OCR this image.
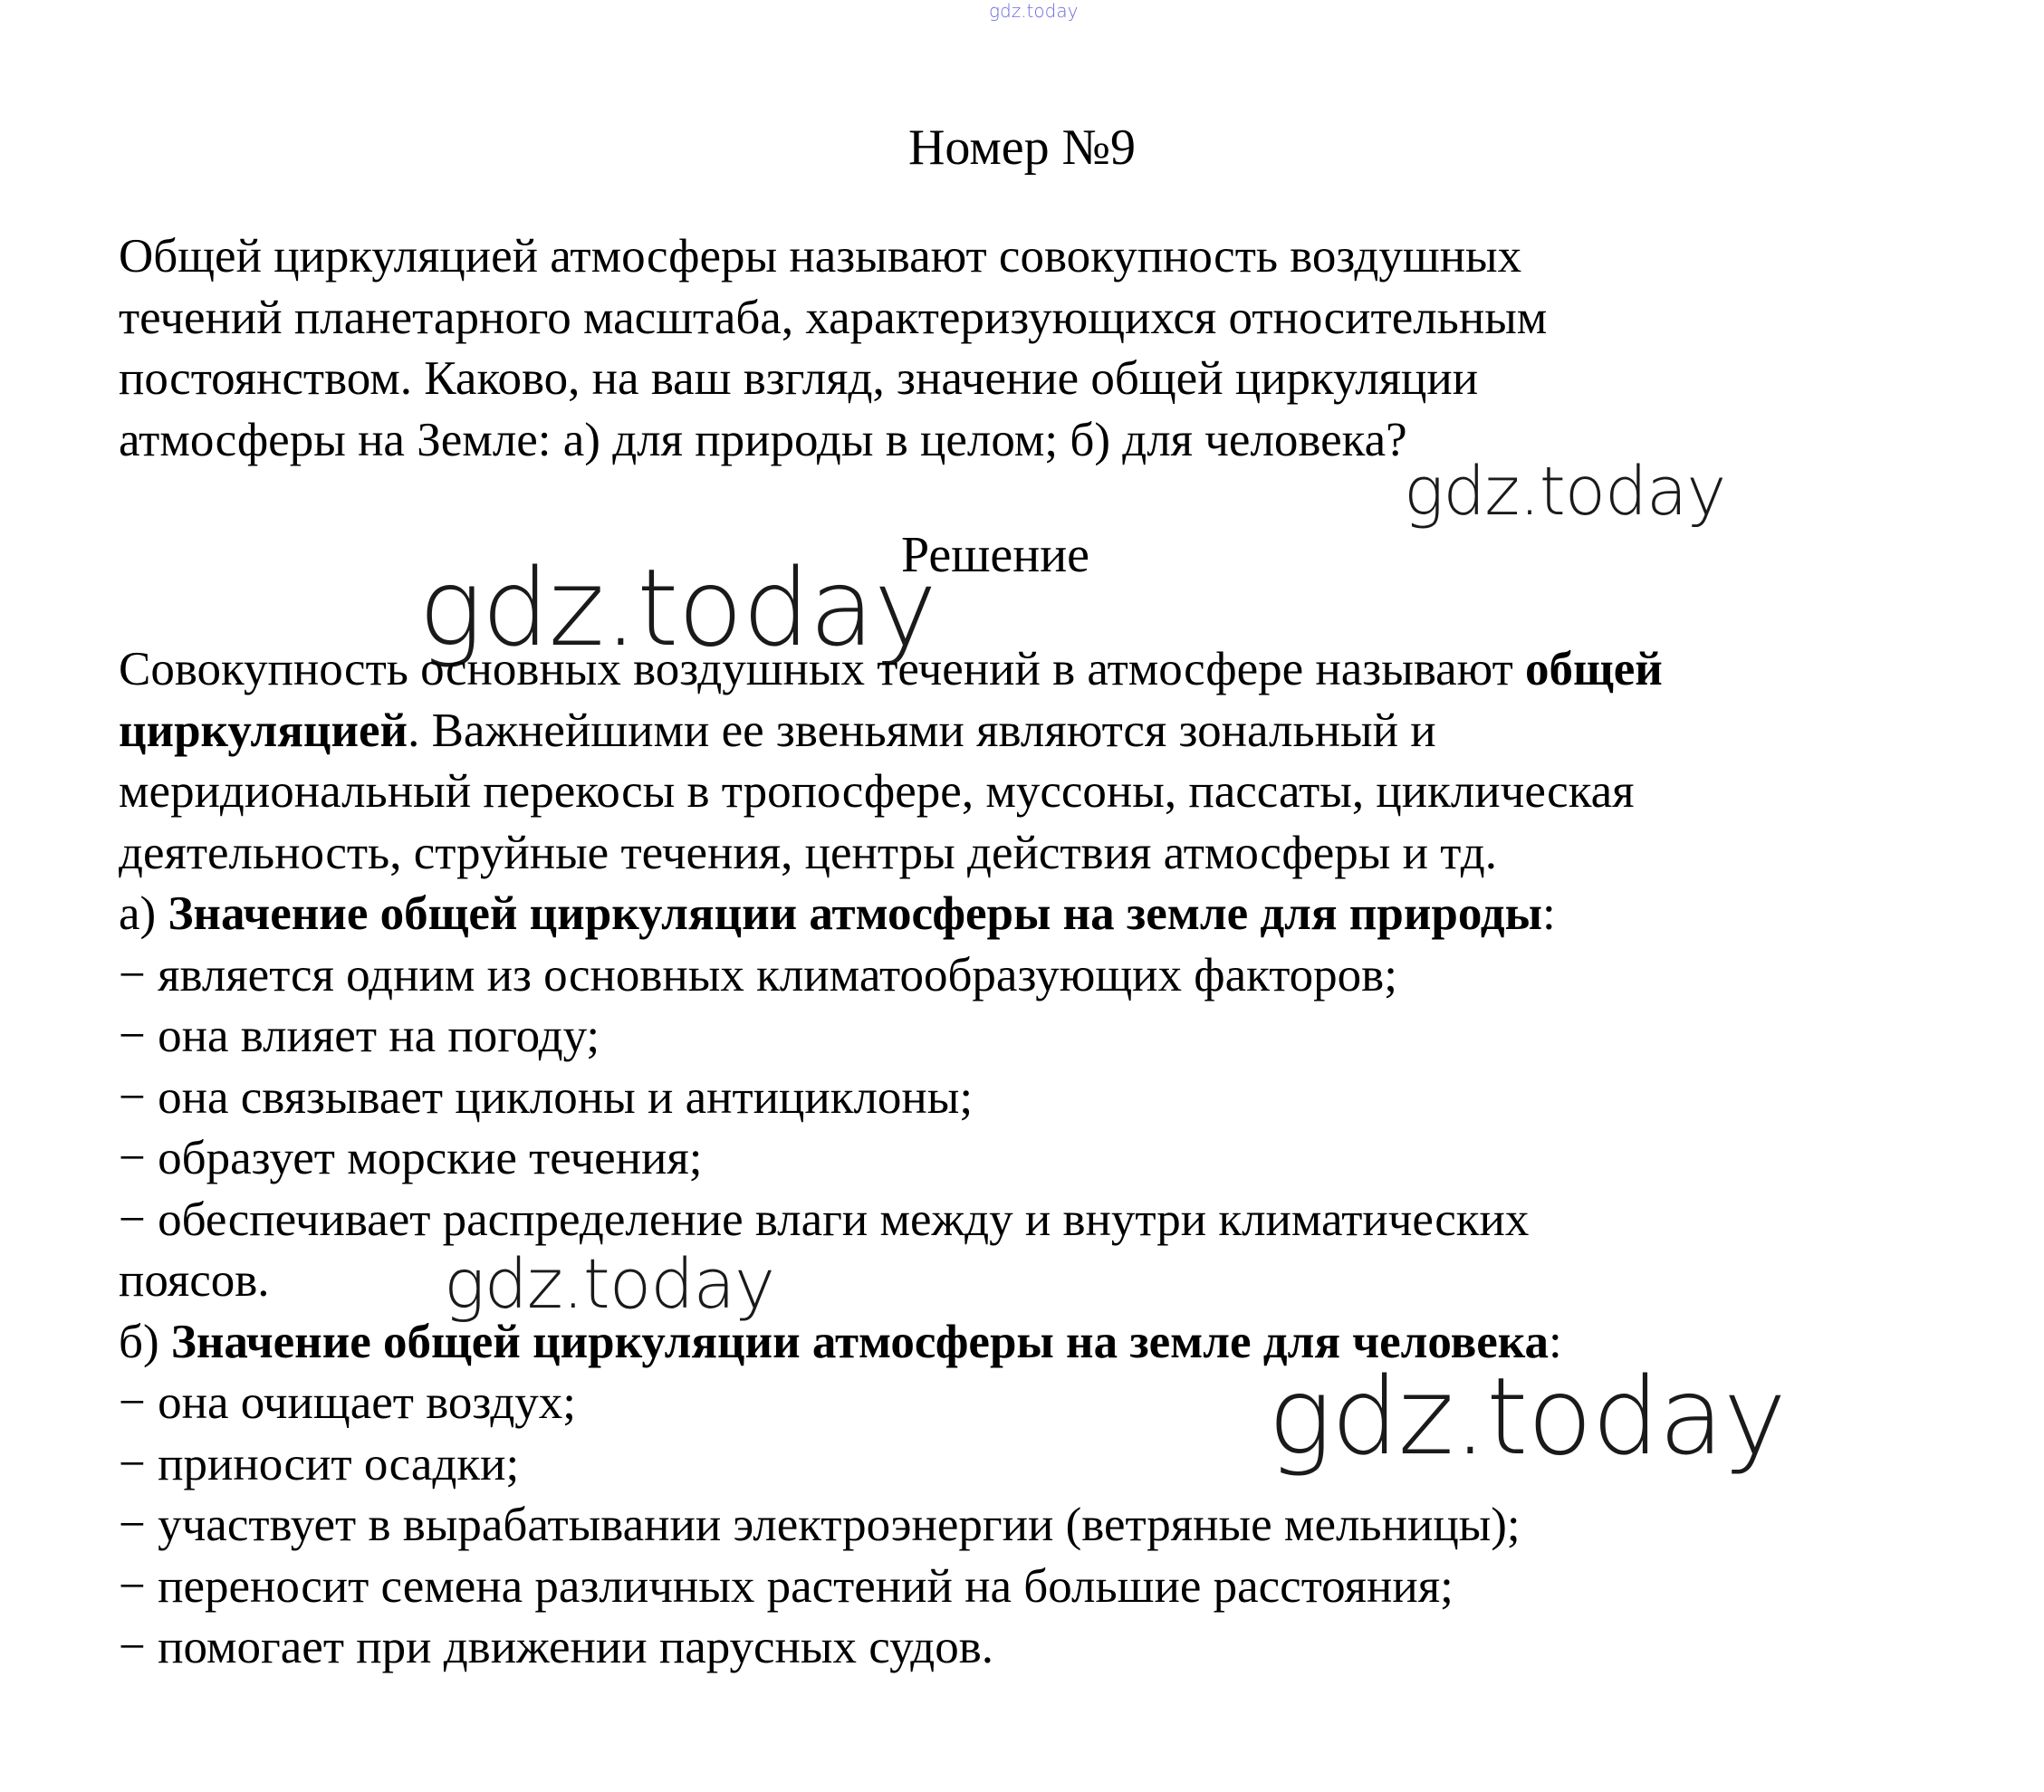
gdz.today
gdz.today
gdz.today
gdz.today
gdz.today
Номер №9
Общей циркуляцией атмосферы называют совокупность воздушных
течений планетарного масштаба, характеризующихся относительным
постоянством. Каково, на ваш взгляд, значение общей циркуляции
атмосферы на Земле: а) для природы в целом; б) для человека?
Решение
Совокупность основных воздушных течений в атмосфере называют общей
циркуляцией. Важнейшими ее звеньями являются зональный и
меридиональный перекосы в тропосфере, муссоны, пассаты, циклическая
деятельность, струйные течения, центры действия атмосферы и тд.
а) Значение общей циркуляции атмосферы на земле для природы:
− является одним из основных климатообразующих факторов;
− она влияет на погоду;
− она связывает циклоны и антициклоны;
− образует морские течения;
− обеспечивает распределение влаги между и внутри климатических
поясов.
б) Значение общей циркуляции атмосферы на земле для человека:
− она очищает воздух;
− приносит осадки;
− участвует в вырабатывании электроэнергии (ветряные мельницы);
− переносит семена различных растений на большие расстояния;
− помогает при движении парусных судов.
